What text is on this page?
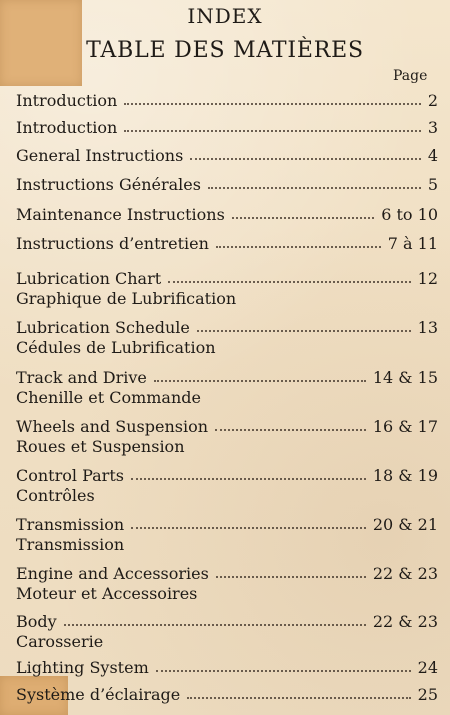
INDEX
TABLE DES MATIÈRES
Page
Introduction	2
Introduction	3
General Instructions	4
Instructions Générales	5
Maintenance Instructions	6 to 10
Instructions d’entretien	7 à 11
Lubrication Chart	12
Graphique de Lubrification
Lubrication Schedule	13
Cédules de Lubrification
Track and Drive	14 & 15
Chenille et Commande
Wheels and Suspension	16 & 17
Roues et Suspension
Control Parts	18 & 19
Contrôles
Transmission	20 & 21
Transmission
Engine and Accessories	22 & 23
Moteur et Accessoires
Body	22 & 23
Carosserie
Lighting System	24
Système d’éclairage	25
